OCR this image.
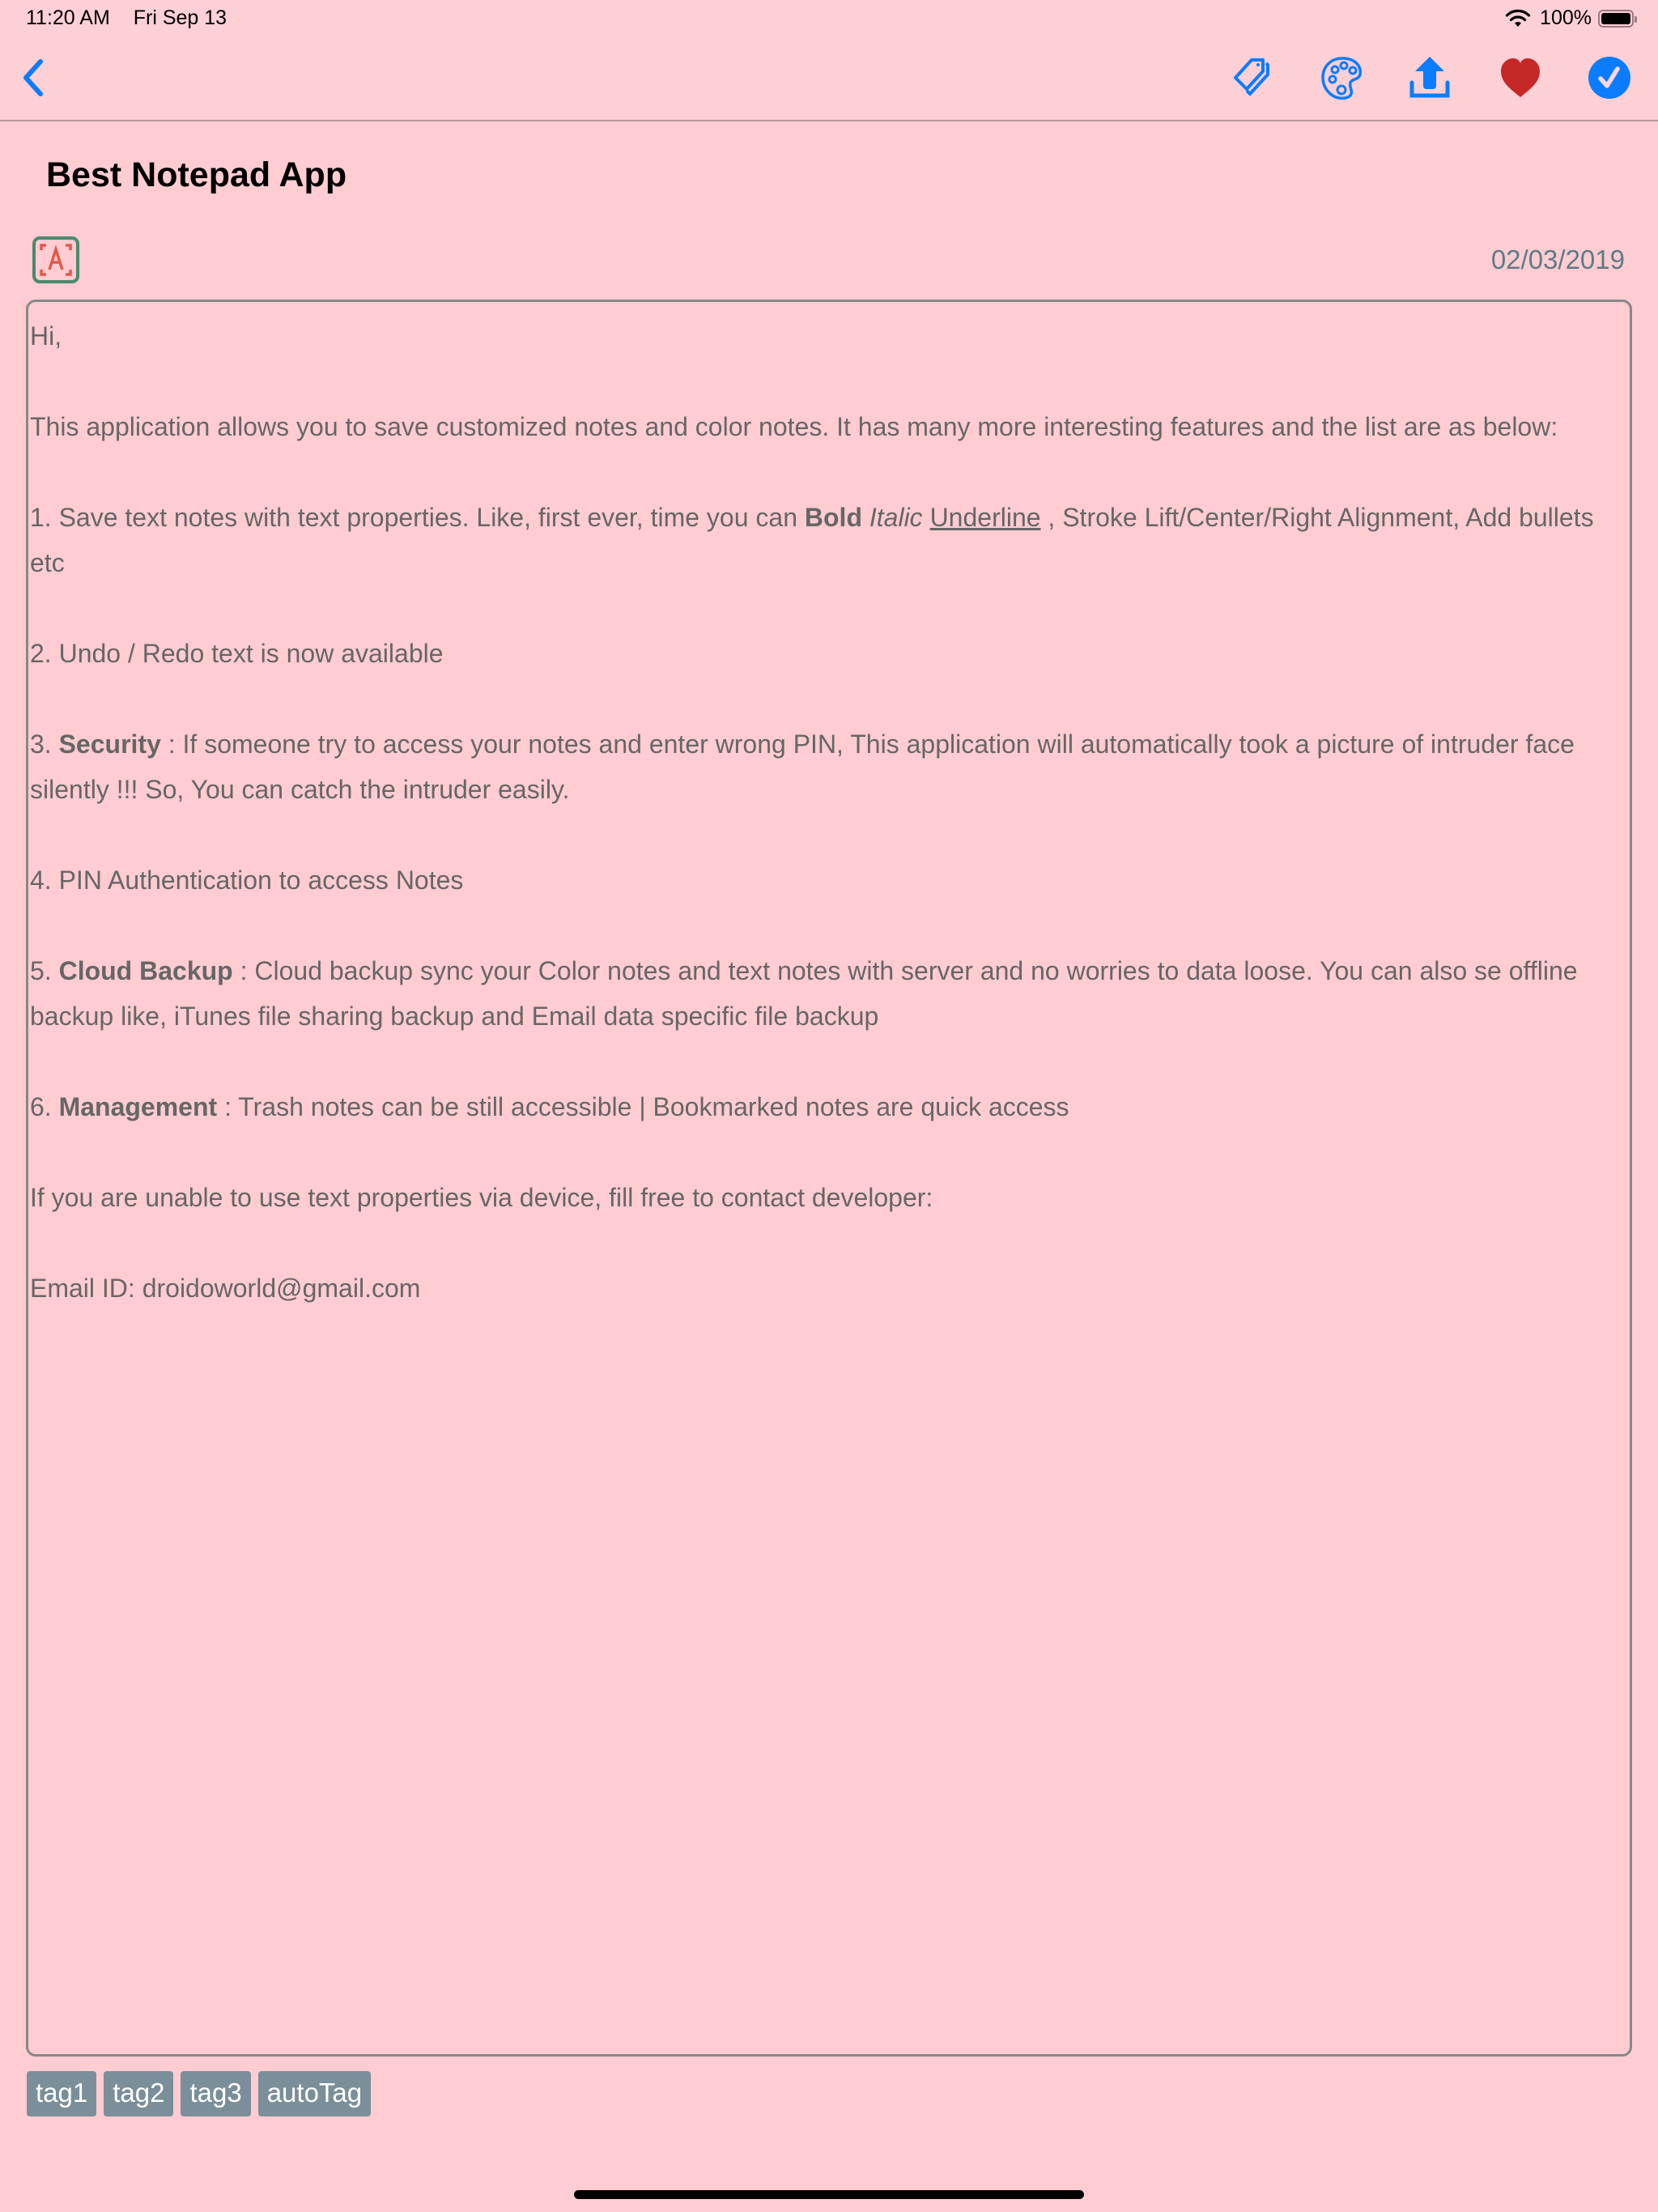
11:20 AM Fri Sep 13	100%
Best Notepad App
02/03/2019

Hi,

This application allows you to save customized notes and color notes. It has many more interesting features and the list are as below:

1. Save text notes with text properties. Like, first ever, time you can Bold Italic Underline , Stroke Lift/Center/Right Alignment, Add bullets etc

2. Undo / Redo text is now available

3. Security : If someone try to access your notes and enter wrong PIN, This application will automatically took a picture of intruder face silently !!! So, You can catch the intruder easily.

4. PIN Authentication to access Notes

5. Cloud Backup : Cloud backup sync your Color notes and text notes with server and no worries to data loose. You can also se offline backup like, iTunes file sharing backup and Email data specific file backup

6. Management : Trash notes can be still accessible | Bookmarked notes are quick access

If you are unable to use text properties via device, fill free to contact developer:

Email ID: droidoworld@gmail.com

tag1 tag2 tag3 autoTag
